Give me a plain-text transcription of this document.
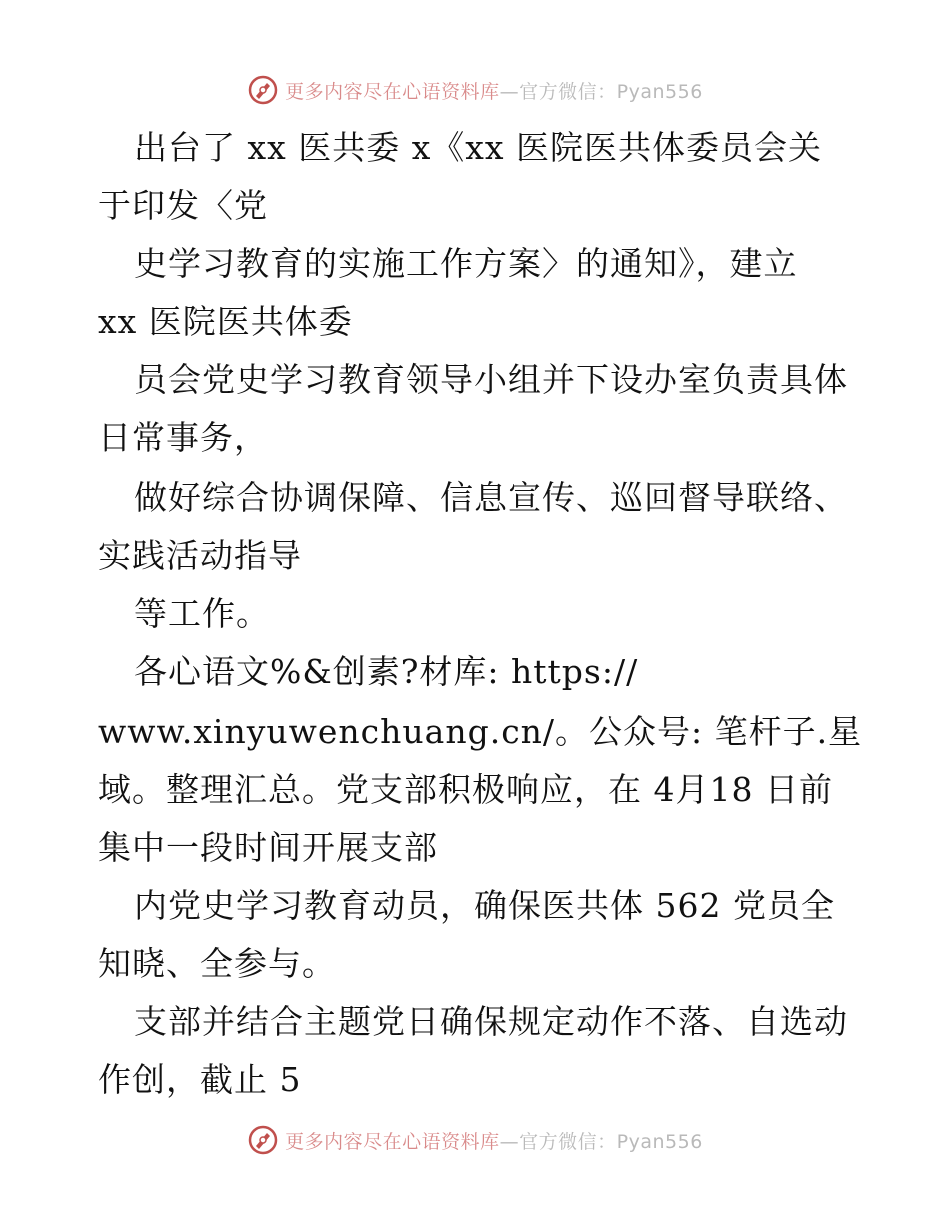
更多内容尽在心语资料库—官方微信：Pyan556
出台了 xx 医共委 x《xx 医院医共体委员会关
于印发〈党
史学习教育的实施工作方案〉的通知》，建立
xx 医院医共体委
员会党史学习教育领导小组并下设办室负责具体
日常事务，
做好综合协调保障、信息宣传、巡回督导联络、
实践活动指导
等工作。
各心语文%&创素?材库: https://
www.xinyuwenchuang.cn/。公众号: 笔杆子.星
域。整理汇总。党支部积极响应，在 4月18 日前
集中一段时间开展支部
内党史学习教育动员，确保医共体 562 党员全
知晓、全参与。
支部并结合主题党日确保规定动作不落、自选动
作创，截止 5
更多内容尽在心语资料库—官方微信：Pyan556
